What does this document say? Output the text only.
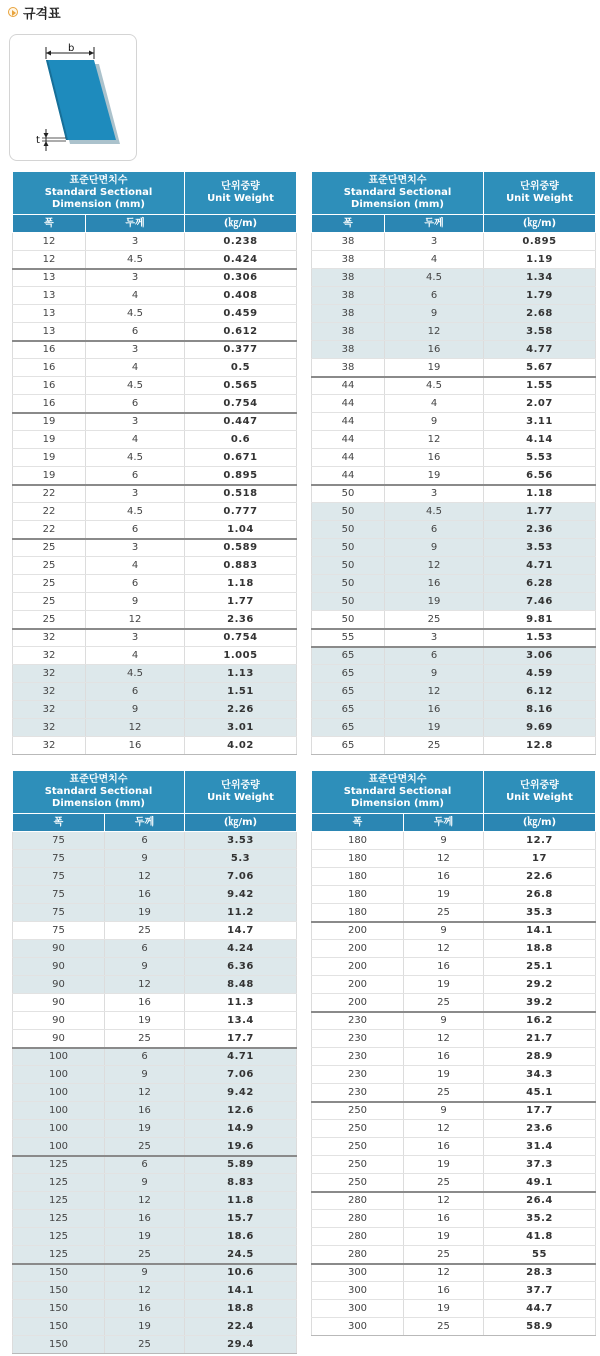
규격표
b
t
표준단면치수
Standard Sectional
Dimension (mm)		단위중량
Unit Weight
폭	두께	(㎏/m)
12	3	0.238
12	4.5	0.424
13	3	0.306
13	4	0.408
13	4.5	0.459
13	6	0.612
16	3	0.377
16	4	0.5
16	4.5	0.565
16	6	0.754
19	3	0.447
19	4	0.6
19	4.5	0.671
19	6	0.895
22	3	0.518
22	4.5	0.777
22	6	1.04
25	3	0.589
25	4	0.883
25	6	1.18
25	9	1.77
25	12	2.36
32	3	0.754
32	4	1.005
32	4.5	1.13
32	6	1.51
32	9	2.26
32	12	3.01
32	16	4.02
표준단면치수
Standard Sectional
Dimension (mm)		단위중량
Unit Weight
폭	두께	(㎏/m)
38	3	0.895
38	4	1.19
38	4.5	1.34
38	6	1.79
38	9	2.68
38	12	3.58
38	16	4.77
38	19	5.67
44	4.5	1.55
44	4	2.07
44	9	3.11
44	12	4.14
44	16	5.53
44	19	6.56
50	3	1.18
50	4.5	1.77
50	6	2.36
50	9	3.53
50	12	4.71
50	16	6.28
50	19	7.46
50	25	9.81
55	3	1.53
65	6	3.06
65	9	4.59
65	12	6.12
65	16	8.16
65	19	9.69
65	25	12.8
표준단면치수
Standard Sectional
Dimension (mm)		단위중량
Unit Weight
폭	두께	(㎏/m)
75	6	3.53
75	9	5.3
75	12	7.06
75	16	9.42
75	19	11.2
75	25	14.7
90	6	4.24
90	9	6.36
90	12	8.48
90	16	11.3
90	19	13.4
90	25	17.7
100	6	4.71
100	9	7.06
100	12	9.42
100	16	12.6
100	19	14.9
100	25	19.6
125	6	5.89
125	9	8.83
125	12	11.8
125	16	15.7
125	19	18.6
125	25	24.5
150	9	10.6
150	12	14.1
150	16	18.8
150	19	22.4
150	25	29.4
표준단면치수
Standard Sectional
Dimension (mm)		단위중량
Unit Weight
폭	두께	(㎏/m)
180	9	12.7
180	12	17
180	16	22.6
180	19	26.8
180	25	35.3
200	9	14.1
200	12	18.8
200	16	25.1
200	19	29.2
200	25	39.2
230	9	16.2
230	12	21.7
230	16	28.9
230	19	34.3
230	25	45.1
250	9	17.7
250	12	23.6
250	16	31.4
250	19	37.3
250	25	49.1
280	12	26.4
280	16	35.2
280	19	41.8
280	25	55
300	12	28.3
300	16	37.7
300	19	44.7
300	25	58.9
